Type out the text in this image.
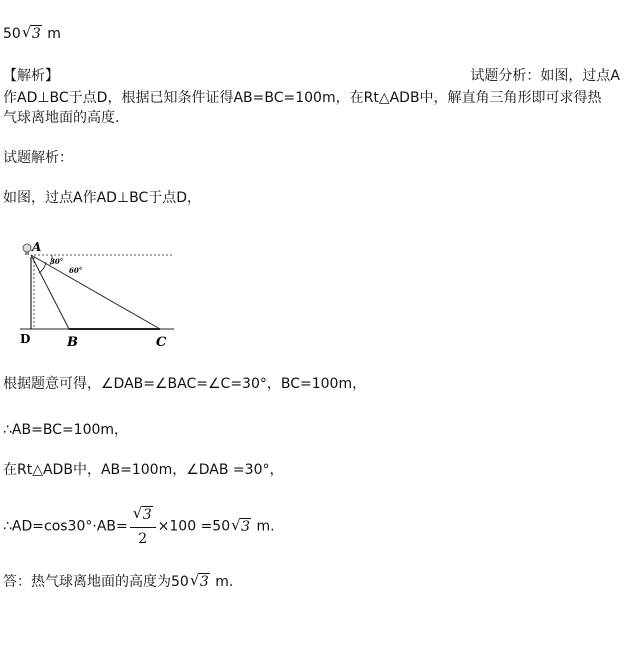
50 √ 3 m
【解析】	试题分析：如图，过点A
作AD⊥BC于点D，根据已知条件证得AB=BC=100m，在Rt△ADB中，解直角三角形即可求得热
气球离地面的高度.
试题解析：
如图，过点A作AD⊥BC于点D，
30°
60°
A
D	B	C
根据题意可得，∠DAB=∠BAC=∠C=30°，BC=100m，
∴AB=BC=100m，
在Rt△ADB中，AB=100m，∠DAB =30°，
∴AD=cos30°·AB= $\frac{√ 3}{2} \times 100 =50$ √ 3 m.
答：热气球离地面的高度为50 √ 3 m.
